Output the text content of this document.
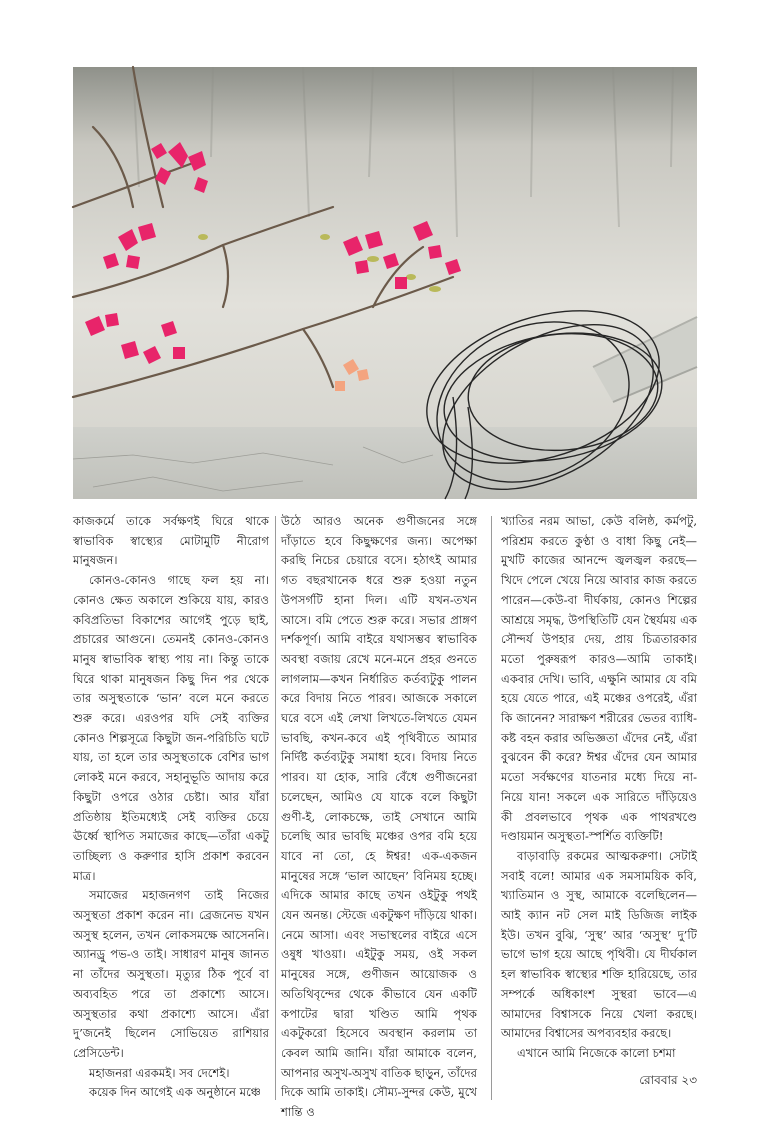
কাজকর্মে তাকে সর্বক্ষণই ঘিরে থাকে স্বাভাবিক স্বাস্থ্যের মোটামুটি নীরোগ মানুষজন।

কোনও-কোনও গাছে ফল হয় না। কোনও ক্ষেত অকালে শুকিয়ে যায়, কারও কবিপ্রতিভা বিকাশের আগেই পুড়ে ছাই, প্রচারের আগুনে। তেমনই কোনও-কোনও মানুষ স্বাভাবিক স্বাস্থ্য পায় না। কিন্তু তাকে ঘিরে থাকা মানুষজন কিছু দিন পর থেকে তার অসুস্থতাকে ‘ভান’ বলে মনে করতে শুরু করে। এরওপর যদি সেই ব্যক্তির কোনও শিল্পসূত্রে কিছুটা জন-পরিচিতি ঘটে যায়, তা হলে তার অসুস্থতাকে বেশির ভাগ লোকই মনে করবে, সহানুভূতি আদায় করে কিছুটা ওপরে ওঠার চেষ্টা। আর যাঁরা প্রতিষ্ঠায় ইতিমধ্যেই সেই ব্যক্তির চেয়ে ঊর্ধ্বে স্থাপিত সমাজের কাছে—তাঁরা একটু তাচ্ছিল্য ও করুণার হাসি প্রকাশ করবেন মাত্র।

সমাজের মহাজনগণ তাই নিজের অসুস্থতা প্রকাশ করেন না। ব্রেজনেভ যখন অসুস্থ হলেন, তখন লোকসমক্ষে আসেননি। অ্যানড্রু পভ-ও তাই। সাধারণ মানুষ জানত না তাঁদের অসুস্থতা। মৃত্যুর ঠিক পূর্বে বা অব্যবহিত পরে তা প্রকাশ্যে আসে। অসুস্থতার কথা প্রকাশ্যে আসে। এঁরা দু’জনেই ছিলেন সোভিয়েত রাশিয়ার প্রেসিডেন্ট।

মহাজনরা এরকমই। সব দেশেই।

কয়েক দিন আগেই এক অনুষ্ঠানে মঞ্চে

উঠে আরও অনেক গুণীজনের সঙ্গে দাঁড়াতে হবে কিছুক্ষণের জন্য। অপেক্ষা করছি নিচের চেয়ারে বসে। হঠাৎই আমার গত বছরখানেক ধরে শুরু হওয়া নতুন উপসর্গটি হানা দিল। এটি যখন-তখন আসে। বমি পেতে শুরু করে। সভার প্রাঙ্গণ দর্শকপূর্ণ। আমি বাইরে যথাসম্ভব স্বাভাবিক অবস্থা বজায় রেখে মনে-মনে প্রহর গুনতে লাগলাম—কখন নির্ধারিত কর্তব্যটুকু পালন করে বিদায় নিতে পারব। আজকে সকালে ঘরে বসে এই লেখা লিখতে-লিখতে যেমন ভাবছি, কখন-কবে এই পৃথিবীতে আমার নির্দিষ্ট কর্তব্যটুকু সমাধা হবে। বিদায় নিতে পারব। যা হোক, সারি বেঁধে গুণীজনেরা চলেছেন, আমিও যে যাকে বলে কিছুটা গুণী-ই, লোকচক্ষে, তাই সেখানে আমি চলেছি আর ভাবছি মঞ্চের ওপর বমি হয়ে যাবে না তো, হে ঈশ্বর! এক-একজন মানুষের সঙ্গে ‘ভাল আছেন’ বিনিময় হচ্ছে। এদিকে আমার কাছে তখন ওইটুকু পথই যেন অনন্ত। স্টেজে একটুক্ষণ দাঁড়িয়ে থাকা। নেমে আসা। এবং সভাস্থলের বাইরে এসে ওষুধ খাওয়া। এইটুকু সময়, ওই সকল মানুষের সঙ্গে, গুণীজন আয়োজক ও অতিথিবৃন্দের থেকে কীভাবে যেন একটি কপাটের দ্বারা খণ্ডিত আমি পৃথক একটুকরো হিসেবে অবস্থান করলাম তা কেবল আমি জানি। যাঁরা আমাকে বলেন, আপনার অসুখ-অসুখ বাতিক ছাড়ুন, তাঁদের দিকে আমি তাকাই। সৌম্য-সুন্দর কেউ, মুখে শান্তি ও

খ্যাতির নরম আভা, কেউ বলিষ্ঠ, কর্মপটু, পরিশ্রম করতে কুণ্ঠা ও বাধা কিছু নেই—মুখটি কাজের আনন্দে জ্বলজ্বল করছে—খিদে পেলে খেয়ে নিয়ে আবার কাজ করতে পারেন—কেউ-বা দীর্ঘকায়, কোনও শিল্পের আশ্রয়ে সমৃদ্ধ, উপস্থিতিটি যেন স্থৈর্যময় এক সৌন্দর্য উপহার দেয়, প্রায় চিত্রতারকার মতো পুরুষরূপ কারও—আমি তাকাই। একবার দেখি। ভাবি, এক্ষুনি আমার যে বমি হয়ে যেতে পারে, এই মঞ্চের ওপরেই, এঁরা কি জানেন? সারাক্ষণ শরীরের ভেতর ব্যাধি-কষ্ট বহন করার অভিজ্ঞতা এঁদের নেই, এঁরা বুঝবেন কী করে? ঈশ্বর এঁদের যেন আমার মতো সর্বক্ষণের যাতনার মধ্যে দিয়ে না-নিয়ে যান! সকলে এক সারিতে দাঁড়িয়েও কী প্রবলভাবে পৃথক এক পাথরখণ্ডে দণ্ডায়মান অসুস্থতা-স্পর্শিত ব্যক্তিটি!

বাড়াবাড়ি রকমের আত্মকরুণা। সেটাই সবাই বলে! আমার এক সমসাময়িক কবি, খ্যাতিমান ও সুস্থ, আমাকে বলেছিলেন—আই ক্যান নট সেল মাই ডিজিজ লাইক ইউ। তখন বুঝি, ‘সুস্থ’ আর ‘অসুস্থ’ দু’টি ভাগে ভাগ হয়ে আছে পৃথিবী। যে দীর্ঘকাল হল স্বাভাবিক স্বাস্থ্যের শক্তি হারিয়েছে, তার সম্পর্কে অধিকাংশ সুস্থরা ভাবে—এ আমাদের বিশ্বাসকে নিয়ে খেলা করছে। আমাদের বিশ্বাসের অপব্যবহার করছে।

এখানে আমি নিজেকে কালো চশমা

রোববার ২৩
